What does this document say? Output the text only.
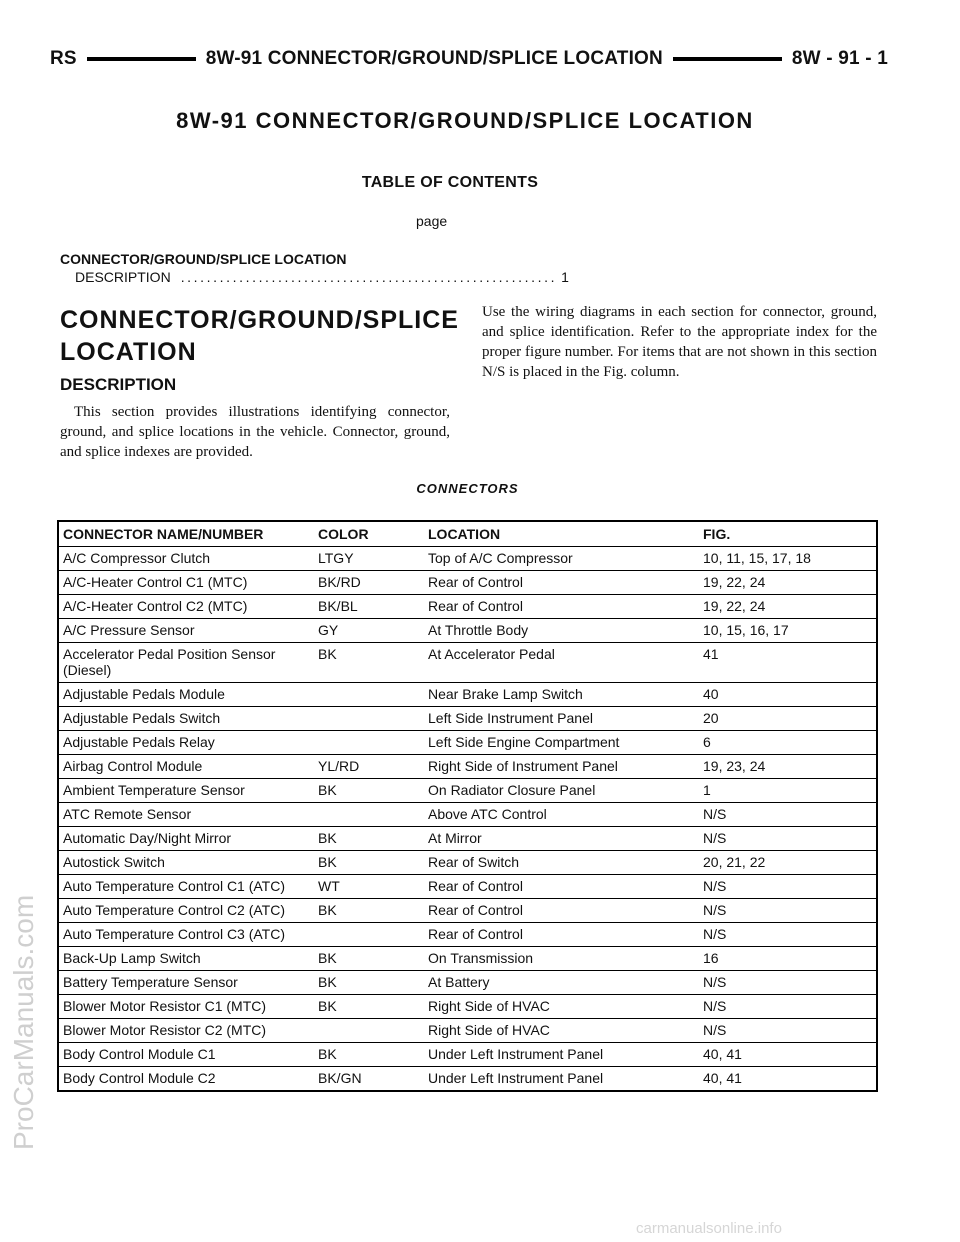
RS	8W-91 CONNECTOR/GROUND/SPLICE LOCATION	8W - 91 - 1
8W-91 CONNECTOR/GROUND/SPLICE LOCATION
TABLE OF CONTENTS
page
CONNECTOR/GROUND/SPLICE LOCATION
DESCRIPTION .......................................................... 1
CONNECTOR/GROUND/SPLICE LOCATION
DESCRIPTION
This section provides illustrations identifying connector, ground, and splice locations in the vehicle. Connector, ground, and splice indexes are provided.
Use the wiring diagrams in each section for connector, ground, and splice identification. Refer to the appropriate index for the proper figure number. For items that are not shown in this section N/S is placed in the Fig. column.
CONNECTORS
CONNECTOR NAME/NUMBER	COLOR	LOCATION	FIG.
A/C Compressor Clutch	LTGY	Top of A/C Compressor	10, 11, 15, 17, 18
A/C-Heater Control C1 (MTC)	BK/RD	Rear of Control	19, 22, 24
A/C-Heater Control C2 (MTC)	BK/BL	Rear of Control	19, 22, 24
A/C Pressure Sensor	GY	At Throttle Body	10, 15, 16, 17
Accelerator Pedal Position Sensor (Diesel)	BK	At Accelerator Pedal	41
Adjustable Pedals Module		Near Brake Lamp Switch	40
Adjustable Pedals Switch		Left Side Instrument Panel	20
Adjustable Pedals Relay		Left Side Engine Compartment	6
Airbag Control Module	YL/RD	Right Side of Instrument Panel	19, 23, 24
Ambient Temperature Sensor	BK	On Radiator Closure Panel	1
ATC Remote Sensor		Above ATC Control	N/S
Automatic Day/Night Mirror	BK	At Mirror	N/S
Autostick Switch	BK	Rear of Switch	20, 21, 22
Auto Temperature Control C1 (ATC)	WT	Rear of Control	N/S
Auto Temperature Control C2 (ATC)	BK	Rear of Control	N/S
Auto Temperature Control C3 (ATC)		Rear of Control	N/S
Back-Up Lamp Switch	BK	On Transmission	16
Battery Temperature Sensor	BK	At Battery	N/S
Blower Motor Resistor C1 (MTC)	BK	Right Side of HVAC	N/S
Blower Motor Resistor C2 (MTC)		Right Side of HVAC	N/S
Body Control Module C1	BK	Under Left Instrument Panel	40, 41
Body Control Module C2	BK/GN	Under Left Instrument Panel	40, 41
ProCarManuals.com
carmanualsonline.info
